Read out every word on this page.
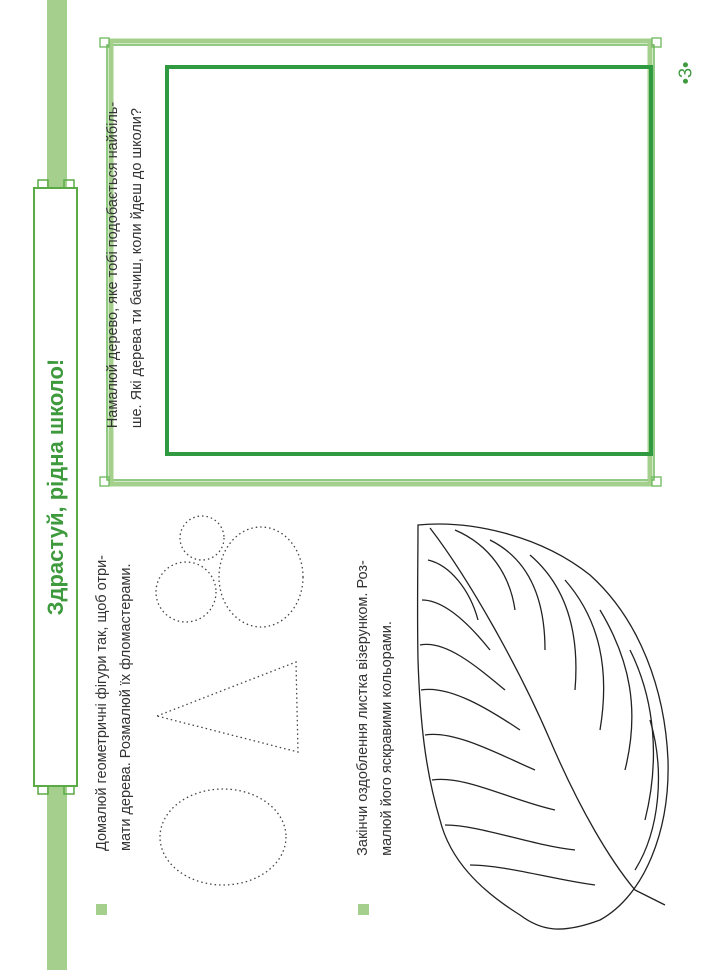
Здрастуй, рідна школо!
Домалюй геометричні фігури так, щоб отри- мати дерева. Розмалюй їх фломастерами.	Закінчи оздоблення листка візерунком. Роз- малюй його яскравими кольорами.
Намалюй дерево, яке тобі подобається найбіль- ше. Які дерева ти бачиш, коли йдеш до школи?
•3•
